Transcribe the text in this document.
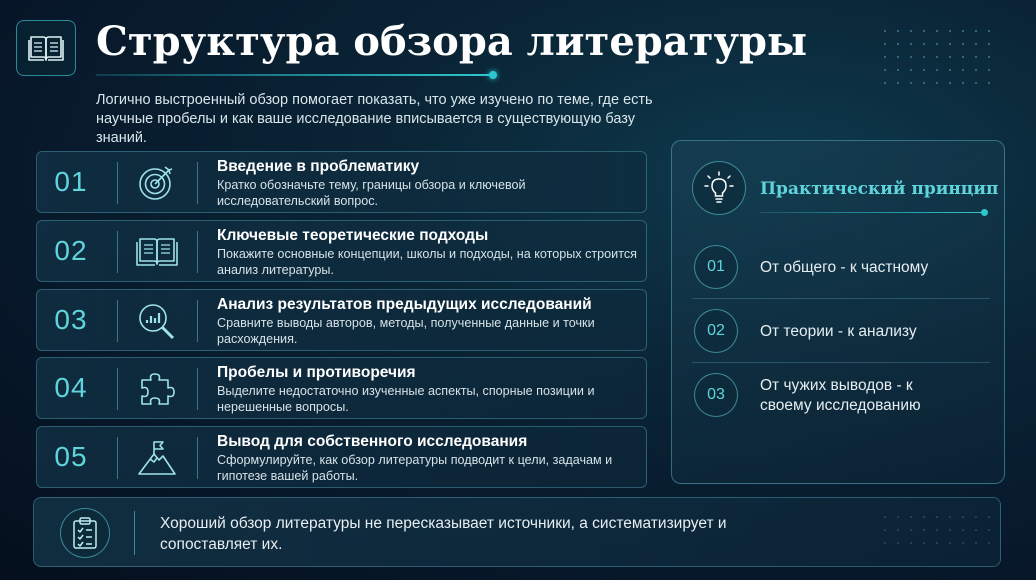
Структура обзора литературы

Логично выстроенный обзор помогает показать, что уже изучено по теме, где есть научные пробелы и как ваше исследование вписывается в существующую базу знаний.

01	Введение в проблематику
Кратко обозначьте тему, границы обзора и ключевой исследовательский вопрос.
02	Ключевые теоретические подходы
Покажите основные концепции, школы и подходы, на которых строится анализ литературы.
03	Анализ результатов предыдущих исследований
Сравните выводы авторов, методы, полученные данные и точки расхождения.
04	Пробелы и противоречия
Выделите недостаточно изученные аспекты, спорные позиции и нерешенные вопросы.
05	Вывод для собственного исследования
Сформулируйте, как обзор литературы подводит к цели, задачам и гипотезе вашей работы.
Практический принцип
01	От общего - к частному
02	От теории - к анализу
03
От чужих выводов - к своему исследованию
Хороший обзор литературы не пересказывает источники, а систематизирует и сопоставляет их.
